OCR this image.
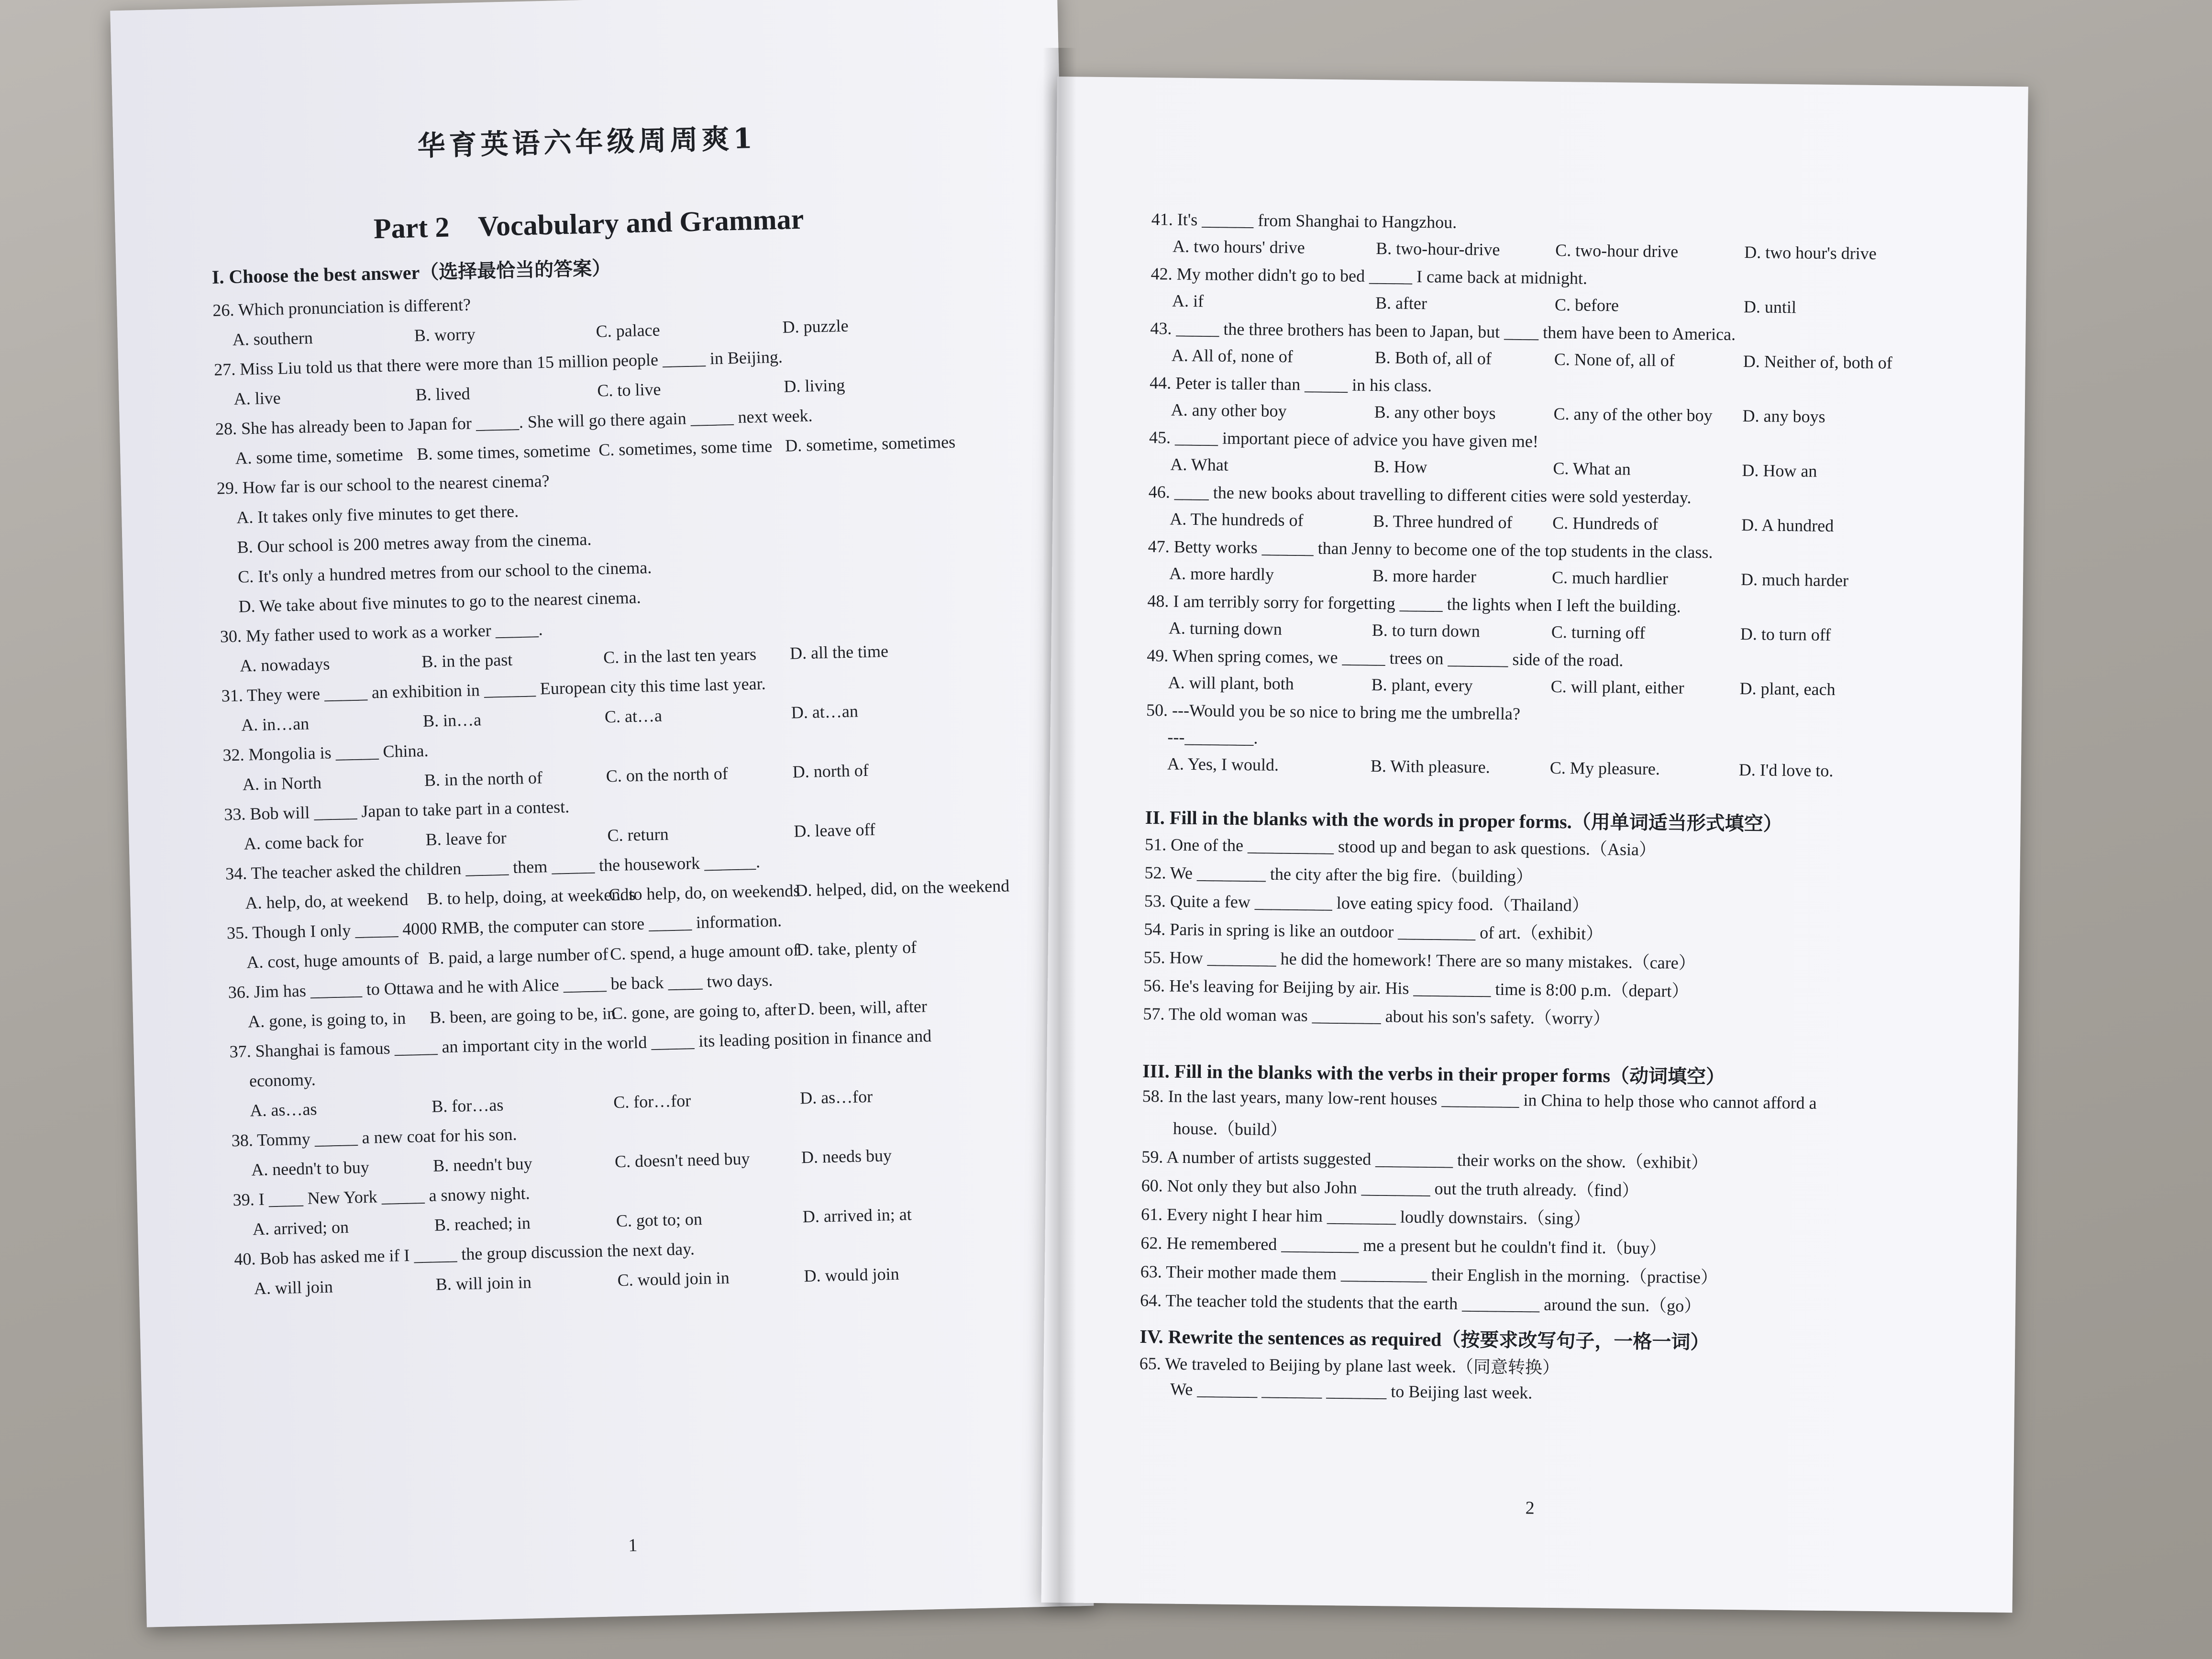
华育英语六年级周周爽1
Part 2　Vocabulary and Grammar
I. Choose the best answer（选择最恰当的答案）
26. Which pronunciation is different?
A. southern	B. worry	C. palace	D. puzzle
27. Miss Liu told us that there were more than 15 million people _____ in Beijing.
A. live	B. lived	C. to live	D. living
28. She has already been to Japan for _____. She will go there again _____ next week.
A. some time, sometime B. some times, sometime C. sometimes, some time D. sometime, sometimes
29. How far is our school to the nearest cinema?
A. It takes only five minutes to get there.
B. Our school is 200 metres away from the cinema.
C. It's only a hundred metres from our school to the cinema.
D. We take about five minutes to go to the nearest cinema.
30. My father used to work as a worker _____.
A. nowadays	B. in the past	C. in the last ten years D. all the time
31. They were _____ an exhibition in ______ European city this time last year.
A. in…an	B. in…a	C. at…a	D. at…an
32. Mongolia is _____ China.
A. in North	B. in the north of	C. on the north of	D. north of
33. Bob will _____ Japan to take part in a contest.
A. come back for	B. leave for	C. return	D. leave off
34. The teacher asked the children _____ them _____ the housework ______.
A. help, do, at weekend B. to help, doing, at weekends
C. to help, do, on weekends
D. helped, did, on the weekend
35. Though I only _____ 4000 RMB, the computer can store _____ information.
A. cost, huge amounts of B. paid, a large number of C. spend, a huge amount of
D. take, plenty of
36. Jim has ______ to Ottawa and he with Alice _____ be back ____ two days.
A. gone, is going to, in B. been, are going to be, in
C. gone, are going to, after D. been, will, after
37. Shanghai is famous _____ an important city in the world _____ its leading position in finance and
economy.
A. as…as	B. for…as	C. for…for	D. as…for
38. Tommy _____ a new coat for his son.
A. needn't to buy	B. needn't buy	C. doesn't need buy	D. needs buy
39. I ____ New York _____ a snowy night.
A. arrived; on	B. reached; in	C. got to; on	D. arrived in; at
40. Bob has asked me if I _____ the group discussion the next day.
A. will join	B. will join in	C. would join in	D. would join
1
41. It's ______ from Shanghai to Hangzhou.
A. two hours' drive	B. two-hour-drive	C. two-hour drive	D. two hour's drive
42. My mother didn't go to bed _____ I came back at midnight.
A. if	B. after	C. before	D. until
43. _____ the three brothers has been to Japan, but ____ them have been to America.
A. All of, none of	B. Both of, all of	C. None of, all of	D. Neither of, both of
44. Peter is taller than _____ in his class.
A. any other boy	B. any other boys	C. any of the other boy D. any boys
45. _____ important piece of advice you have given me!
A. What	B. How	C. What an	D. How an
46. ____ the new books about travelling to different cities were sold yesterday.
A. The hundreds of	B. Three hundred of C. Hundreds of	D. A hundred
47. Betty works ______ than Jenny to become one of the top students in the class.
A. more hardly	B. more harder	C. much hardlier	D. much harder
48. I am terribly sorry for forgetting _____ the lights when I left the building.
A. turning down	B. to turn down	C. turning off	D. to turn off
49. When spring comes, we _____ trees on _______ side of the road.
A. will plant, both	B. plant, every	C. will plant, either	D. plant, each
50. ---Would you be so nice to bring me the umbrella?
---________.
A. Yes, I would.	B. With pleasure.	C. My pleasure.	D. I'd love to.
II. Fill in the blanks with the words in proper forms.（用单词适当形式填空）
51. One of the __________ stood up and began to ask questions.（Asia）
52. We ________ the city after the big fire.（building）
53. Quite a few _________ love eating spicy food.（Thailand）
54. Paris in spring is like an outdoor _________ of art.（exhibit）
55. How ________ he did the homework! There are so many mistakes.（care）
56. He's leaving for Beijing by air. His _________ time is 8:00 p.m.（depart）
57. The old woman was ________ about his son's safety.（worry）
III. Fill in the blanks with the verbs in their proper forms（动词填空）
58. In the last years, many low-rent houses _________ in China to help those who cannot afford a
house.（build）
59. A number of artists suggested _________ their works on the show.（exhibit）
60. Not only they but also John ________ out the truth already.（find）
61. Every night I hear him ________ loudly downstairs.（sing）
62. He remembered _________ me a present but he couldn't find it.（buy）
63. Their mother made them __________ their English in the morning.（practise）
64. The teacher told the students that the earth _________ around the sun.（go）
IV. Rewrite the sentences as required（按要求改写句子，一格一词）
65. We traveled to Beijing by plane last week.（同意转换）
We _______ _______ _______ to Beijing last week.
2
